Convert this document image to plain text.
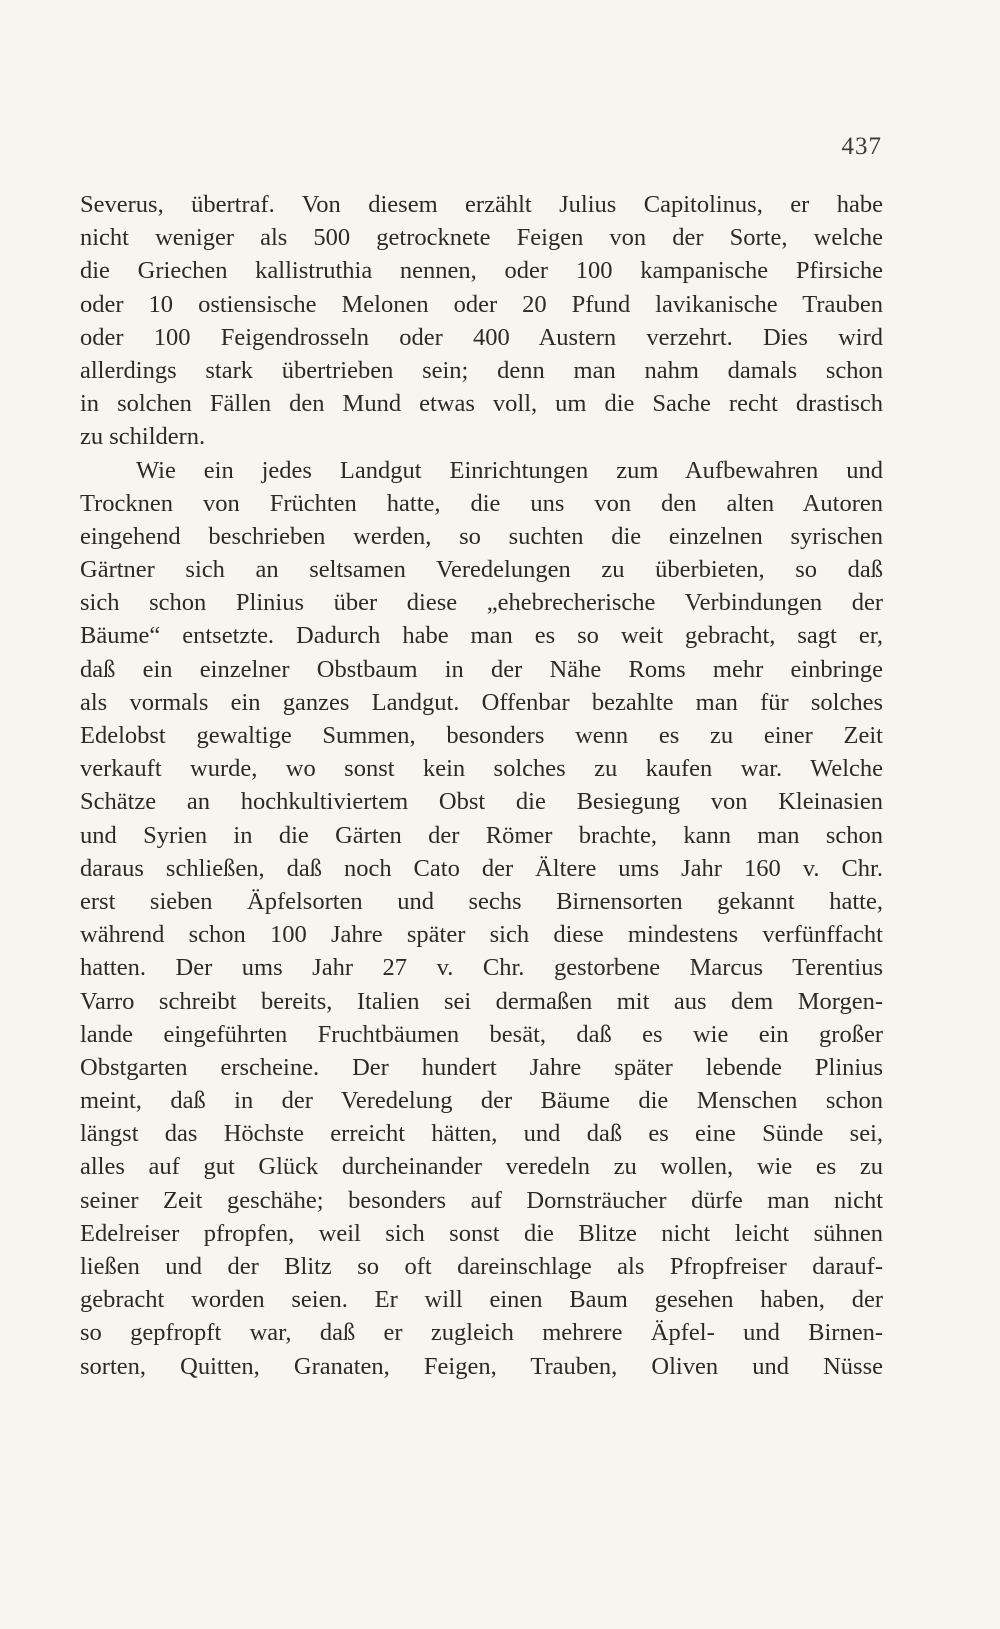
437
Severus, übertraf. Von diesem erzählt Julius Capitolinus, er habe
nicht weniger als 500 getrocknete Feigen von der Sorte, welche
die Griechen kallistruthia nennen, oder 100 kampanische Pfirsiche
oder 10 ostiensische Melonen oder 20 Pfund lavikanische Trauben
oder 100 Feigendrosseln oder 400 Austern verzehrt. Dies wird
allerdings stark übertrieben sein; denn man nahm damals schon
in solchen Fällen den Mund etwas voll, um die Sache recht drastisch
zu schildern.
Wie ein jedes Landgut Einrichtungen zum Aufbewahren und
Trocknen von Früchten hatte, die uns von den alten Autoren
eingehend beschrieben werden, so suchten die einzelnen syrischen
Gärtner sich an seltsamen Veredelungen zu überbieten, so daß
sich schon Plinius über diese „ehebrecherische Verbindungen der
Bäume“ entsetzte. Dadurch habe man es so weit gebracht, sagt er,
daß ein einzelner Obstbaum in der Nähe Roms mehr einbringe
als vormals ein ganzes Landgut. Offenbar bezahlte man für solches
Edelobst gewaltige Summen, besonders wenn es zu einer Zeit
verkauft wurde, wo sonst kein solches zu kaufen war. Welche
Schätze an hochkultiviertem Obst die Besiegung von Kleinasien
und Syrien in die Gärten der Römer brachte, kann man schon
daraus schließen, daß noch Cato der Ältere ums Jahr 160 v. Chr.
erst sieben Äpfelsorten und sechs Birnensorten gekannt hatte,
während schon 100 Jahre später sich diese mindestens verfünffacht
hatten. Der ums Jahr 27 v. Chr. gestorbene Marcus Terentius
Varro schreibt bereits, Italien sei dermaßen mit aus dem Morgen-
lande eingeführten Fruchtbäumen besät, daß es wie ein großer
Obstgarten erscheine. Der hundert Jahre später lebende Plinius
meint, daß in der Veredelung der Bäume die Menschen schon
längst das Höchste erreicht hätten, und daß es eine Sünde sei,
alles auf gut Glück durcheinander veredeln zu wollen, wie es zu
seiner Zeit geschähe; besonders auf Dornsträucher dürfe man nicht
Edelreiser pfropfen, weil sich sonst die Blitze nicht leicht sühnen
ließen und der Blitz so oft dareinschlage als Pfropfreiser darauf-
gebracht worden seien. Er will einen Baum gesehen haben, der
so gepfropft war, daß er zugleich mehrere Äpfel- und Birnen-
sorten, Quitten, Granaten, Feigen, Trauben, Oliven und Nüsse
